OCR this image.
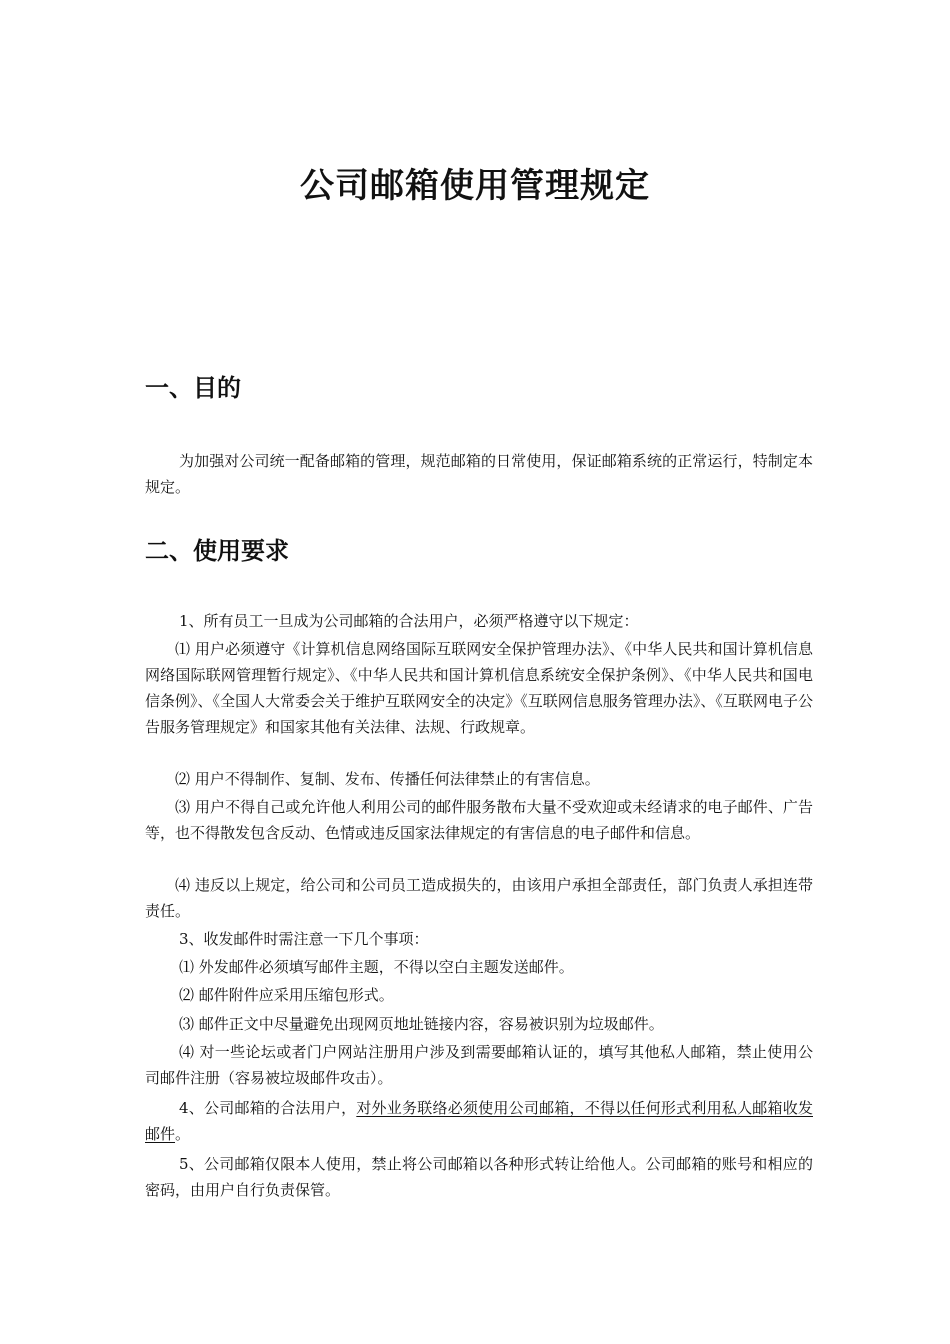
公司邮箱使用管理规定
一、目的
为加强对公司统一配备邮箱的管理，规范邮箱的日常使用，保证邮箱系统的正常运行，特制定本规定。
二、使用要求
1、所有员工一旦成为公司邮箱的合法用户，必须严格遵守以下规定：
⑴ 用户必须遵守《计算机信息网络国际互联网安全保护管理办法》、《中华人民共和国计算机信息网络国际联网管理暂行规定》、《中华人民共和国计算机信息系统安全保护条例》、《中华人民共和国电信条例》、《全国人大常委会关于维护互联网安全的决定》《互联网信息服务管理办法》、《互联网电子公告服务管理规定》和国家其他有关法律、法规、行政规章。
⑵ 用户不得制作、复制、发布、传播任何法律禁止的有害信息。
⑶ 用户不得自己或允许他人利用公司的邮件服务散布大量不受欢迎或未经请求的电子邮件、广告等，也不得散发包含反动、色情或违反国家法律规定的有害信息的电子邮件和信息。
⑷ 违反以上规定，给公司和公司员工造成损失的，由该用户承担全部责任，部门负责人承担连带责任。
3、收发邮件时需注意一下几个事项：
⑴ 外发邮件必须填写邮件主题，不得以空白主题发送邮件。
⑵ 邮件附件应采用压缩包形式。
⑶ 邮件正文中尽量避免出现网页地址链接内容，容易被识别为垃圾邮件。
⑷ 对一些论坛或者门户网站注册用户涉及到需要邮箱认证的，填写其他私人邮箱，禁止使用公司邮件注册（容易被垃圾邮件攻击）。
4、公司邮箱的合法用户，对外业务联络必须使用公司邮箱，不得以任何形式利用私人邮箱收发邮件。
5、公司邮箱仅限本人使用，禁止将公司邮箱以各种形式转让给他人。公司邮箱的账号和相应的密码，由用户自行负责保管。
